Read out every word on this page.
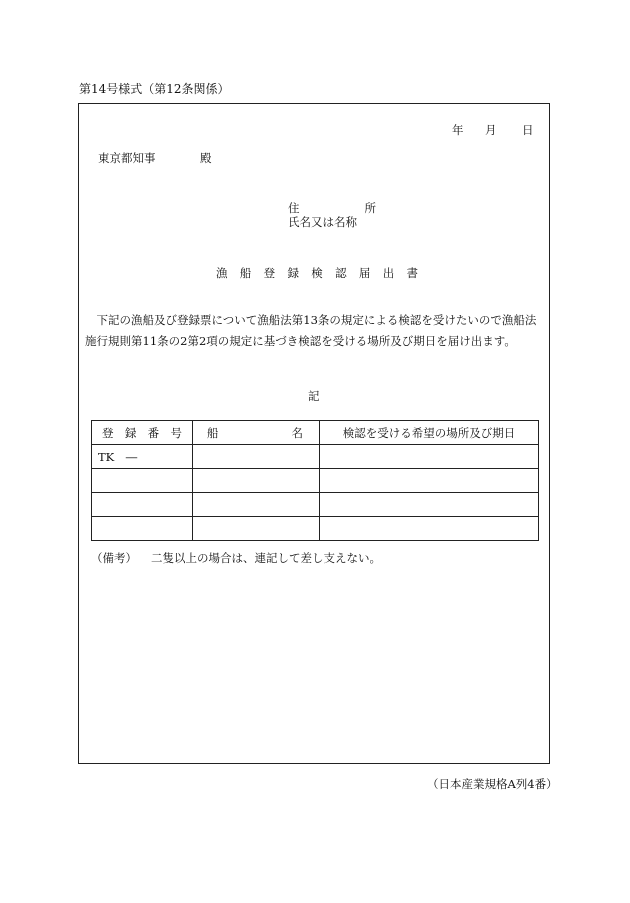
第14号様式（第12条関係）
年 月 日
東京都知事	殿
住	所
氏名又は名称
漁 船 登 録 検 認 届 出 書

下記の漁船及び登録票について漁船法第13条の規定による検認を受けたいので漁船法施行規則第11条の2第2項の規定に基づき検認を受ける場所及び期日を届け出ます。

記
登 録 番 号	船 名	検認を受ける希望の場所及び期日
TK　―		

（備考） 二隻以上の場合は、連記して差し支えない。
（日本産業規格A列4番）
